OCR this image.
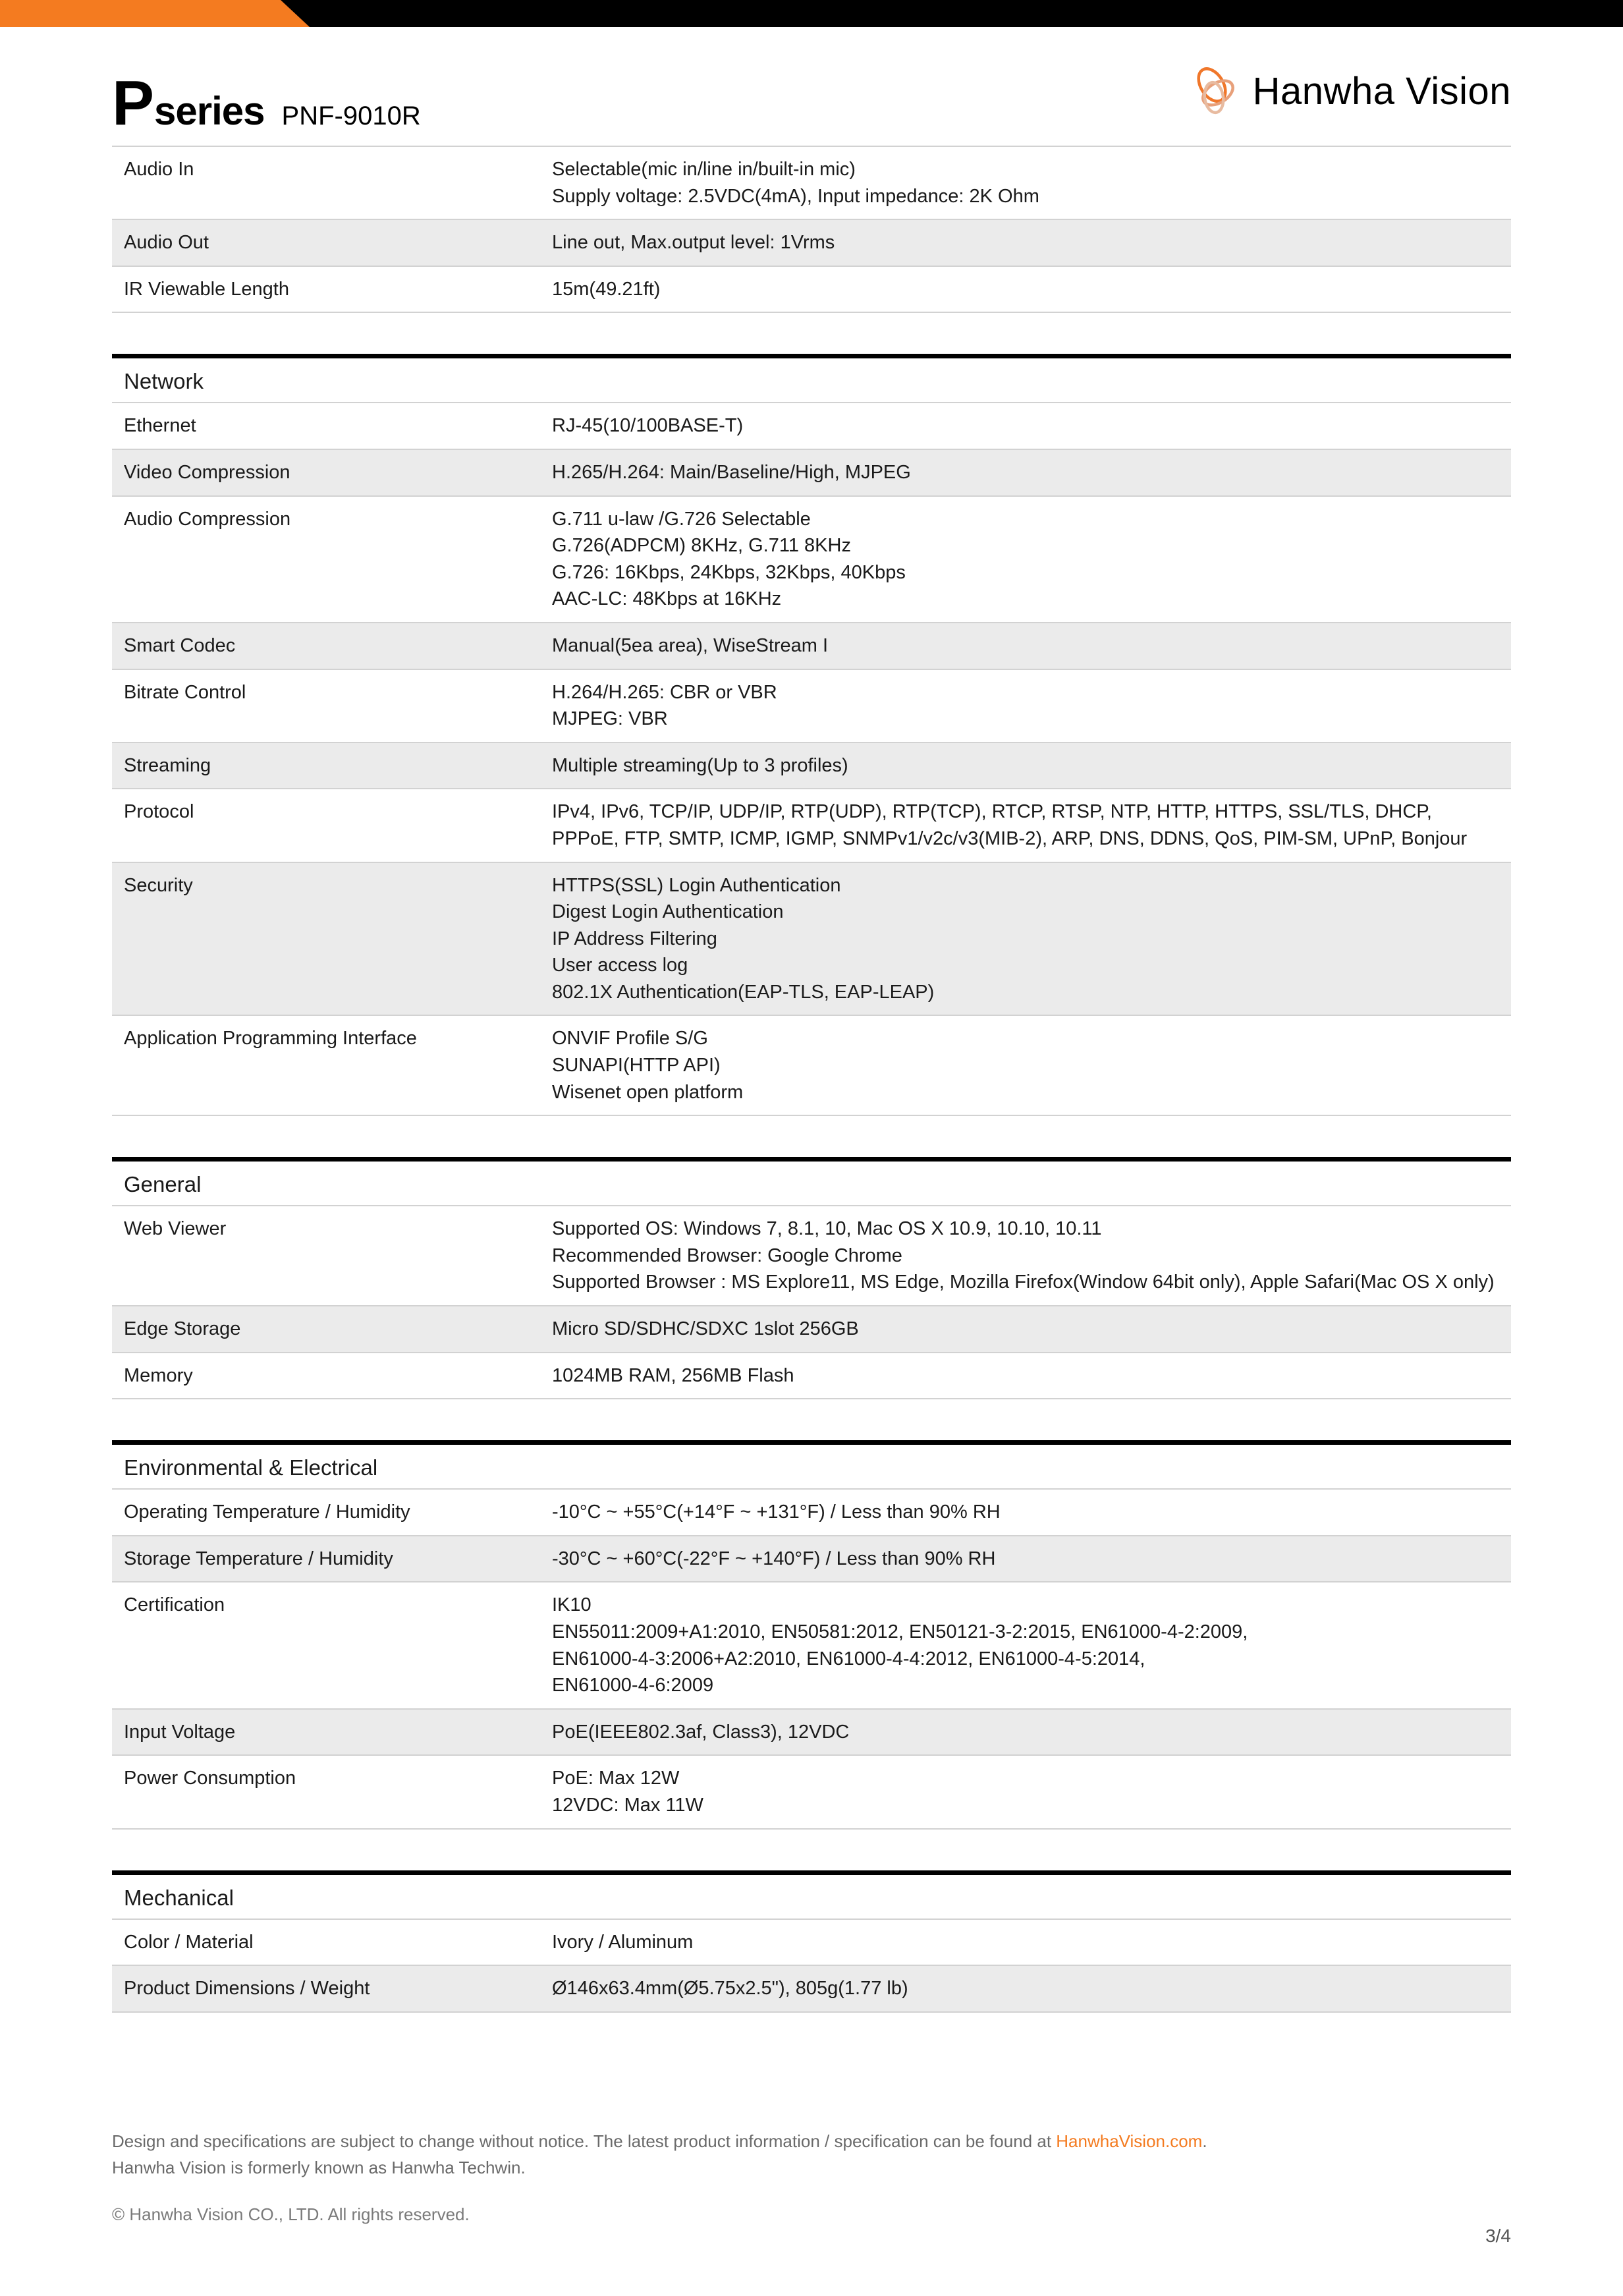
P series PNF-9010R
Hanwha Vision
Audio In	Selectable(mic in/line in/built-in mic)
Supply voltage: 2.5VDC(4mA), Input impedance: 2K Ohm

Audio Out	Line out, Max.output level: 1Vrms

IR Viewable Length	15m(49.21ft)
Network
Ethernet	RJ-45(10/100BASE-T)

Video Compression	H.265/H.264: Main/Baseline/High, MJPEG

Audio Compression	G.711 u-law /G.726 Selectable
G.726(ADPCM) 8KHz, G.711 8KHz
G.726: 16Kbps, 24Kbps, 32Kbps, 40Kbps
AAC-LC: 48Kbps at 16KHz

Smart Codec	Manual(5ea area), WiseStream I

Bitrate Control	H.264/H.265: CBR or VBR
MJPEG: VBR

Streaming	Multiple streaming(Up to 3 profiles)

Protocol	IPv4, IPv6, TCP/IP, UDP/IP, RTP(UDP), RTP(TCP), RTCP, RTSP, NTP, HTTP, HTTPS, SSL/TLS, DHCP,
PPPoE, FTP, SMTP, ICMP, IGMP, SNMPv1/v2c/v3(MIB-2), ARP, DNS, DDNS, QoS, PIM-SM, UPnP, Bonjour

Security	HTTPS(SSL) Login Authentication
Digest Login Authentication
IP Address Filtering
User access log
802.1X Authentication(EAP-TLS, EAP-LEAP)

Application Programming Interface	ONVIF Profile S/G
SUNAPI(HTTP API)
Wisenet open platform
General
Web Viewer	Supported OS: Windows 7, 8.1, 10, Mac OS X 10.9, 10.10, 10.11
Recommended Browser: Google Chrome
Supported Browser : MS Explore11, MS Edge, Mozilla Firefox(Window 64bit only), Apple Safari(Mac OS X only)

Edge Storage	Micro SD/SDHC/SDXC 1slot 256GB

Memory	1024MB RAM, 256MB Flash
Environmental & Electrical
Operating Temperature / Humidity	-10°C ~ +55°C(+14°F ~ +131°F) / Less than 90% RH

Storage Temperature / Humidity	-30°C ~ +60°C(-22°F ~ +140°F) / Less than 90% RH

Certification	IK10
EN55011:2009+A1:2010, EN50581:2012, EN50121-3-2:2015, EN61000-4-2:2009,
EN61000-4-3:2006+A2:2010, EN61000-4-4:2012, EN61000-4-5:2014,
EN61000-4-6:2009

Input Voltage	PoE(IEEE802.3af, Class3), 12VDC

Power Consumption	PoE: Max 12W
12VDC: Max 11W
Mechanical
Color / Material	Ivory / Aluminum

Product Dimensions / Weight	Ø146x63.4mm(Ø5.75x2.5"), 805g(1.77 lb)
Design and specifications are subject to change without notice. The latest product information / specification can be found at HanwhaVision.com.
Hanwha Vision is formerly known as Hanwha Techwin.
© Hanwha Vision CO., LTD. All rights reserved.
3/4
